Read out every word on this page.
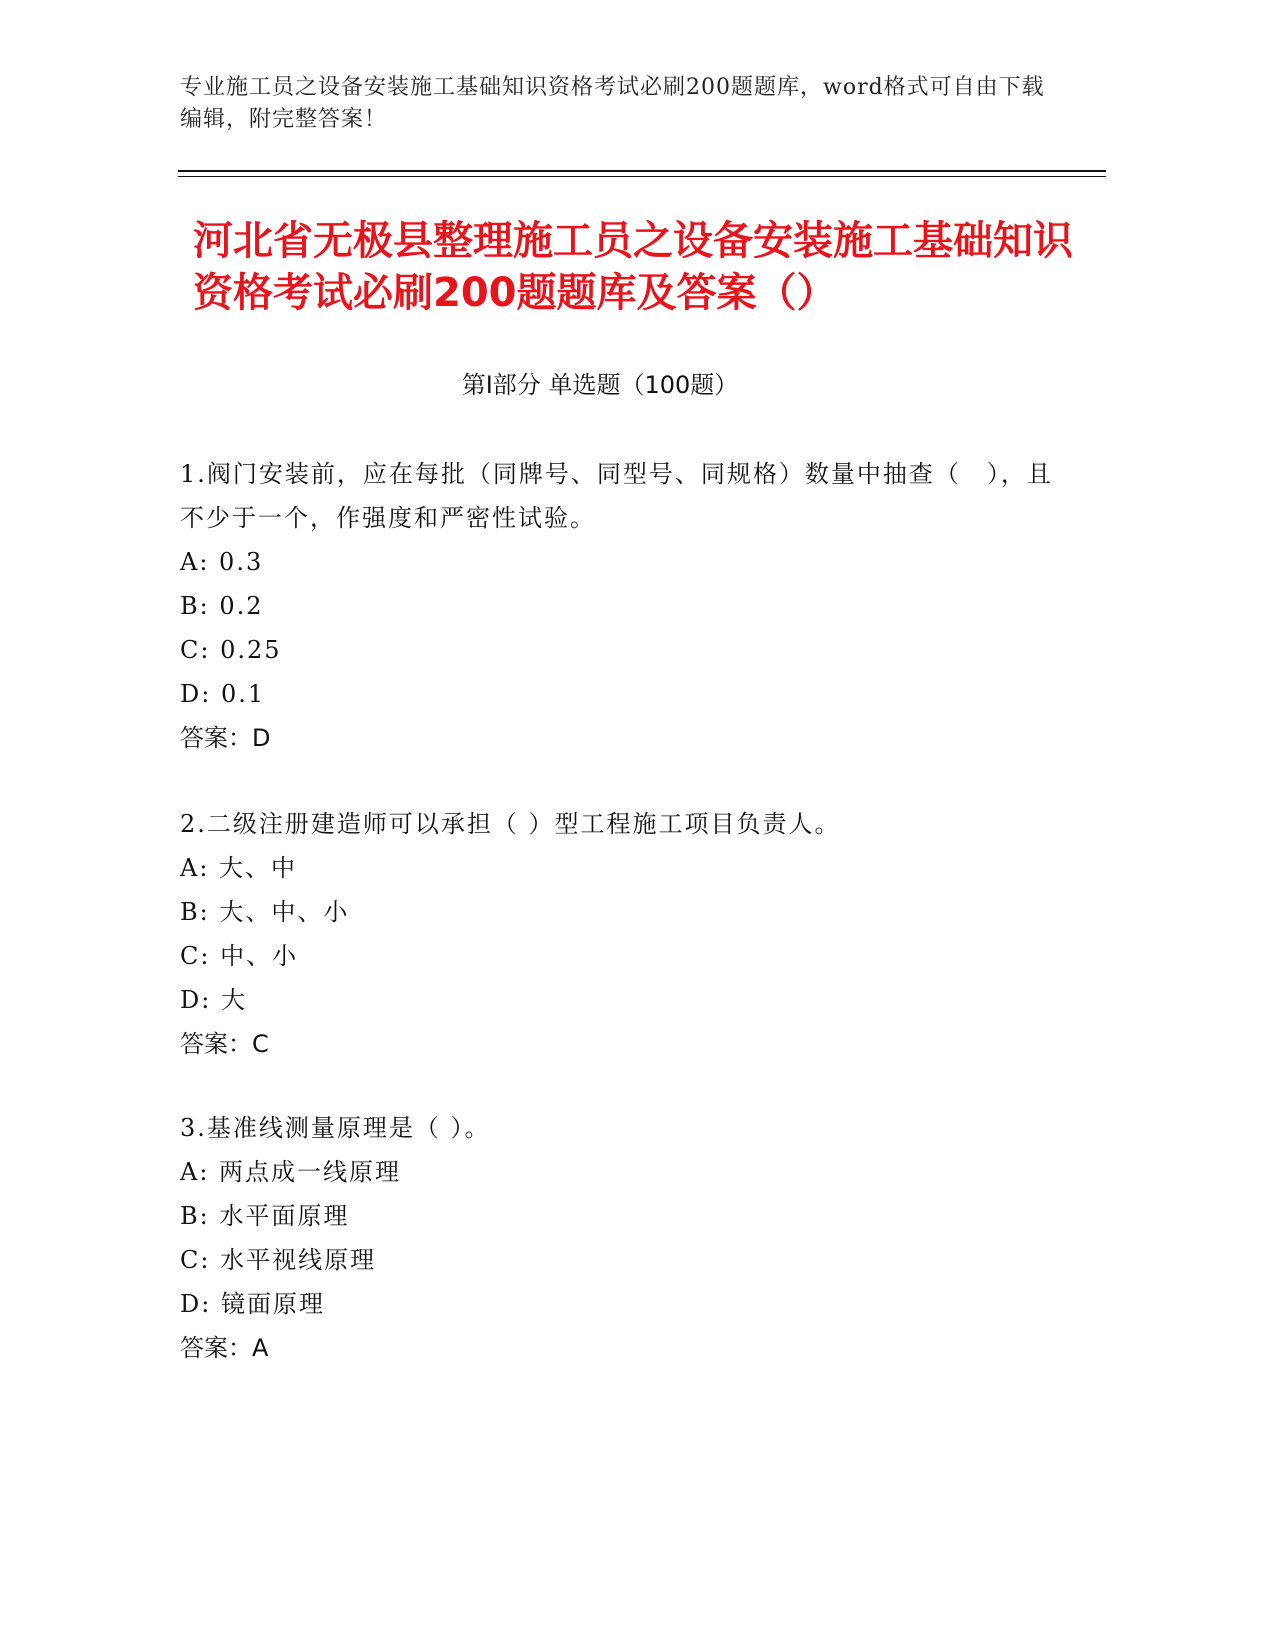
专业施工员之设备安装施工基础知识资格考试必刷200题题库，word格式可自由下载编辑，附完整答案！
河北省无极县整理施工员之设备安装施工基础知识资格考试必刷200题题库及答案（）
第Ⅰ部分 单选题（100题）
1.阀门安装前，应在每批（同牌号、同型号、同规格）数量中抽查（　），且不少于一个，作强度和严密性试验。
A: 0.3
B: 0.2
C: 0.25
D: 0.1
答案：D
2.二级注册建造师可以承担（ ）型工程施工项目负责人。
A: 大、中
B: 大、中、小
C: 中、小
D: 大
答案：C
3.基准线测量原理是（ ）。
A: 两点成一线原理
B: 水平面原理
C: 水平视线原理
D: 镜面原理
答案：A
